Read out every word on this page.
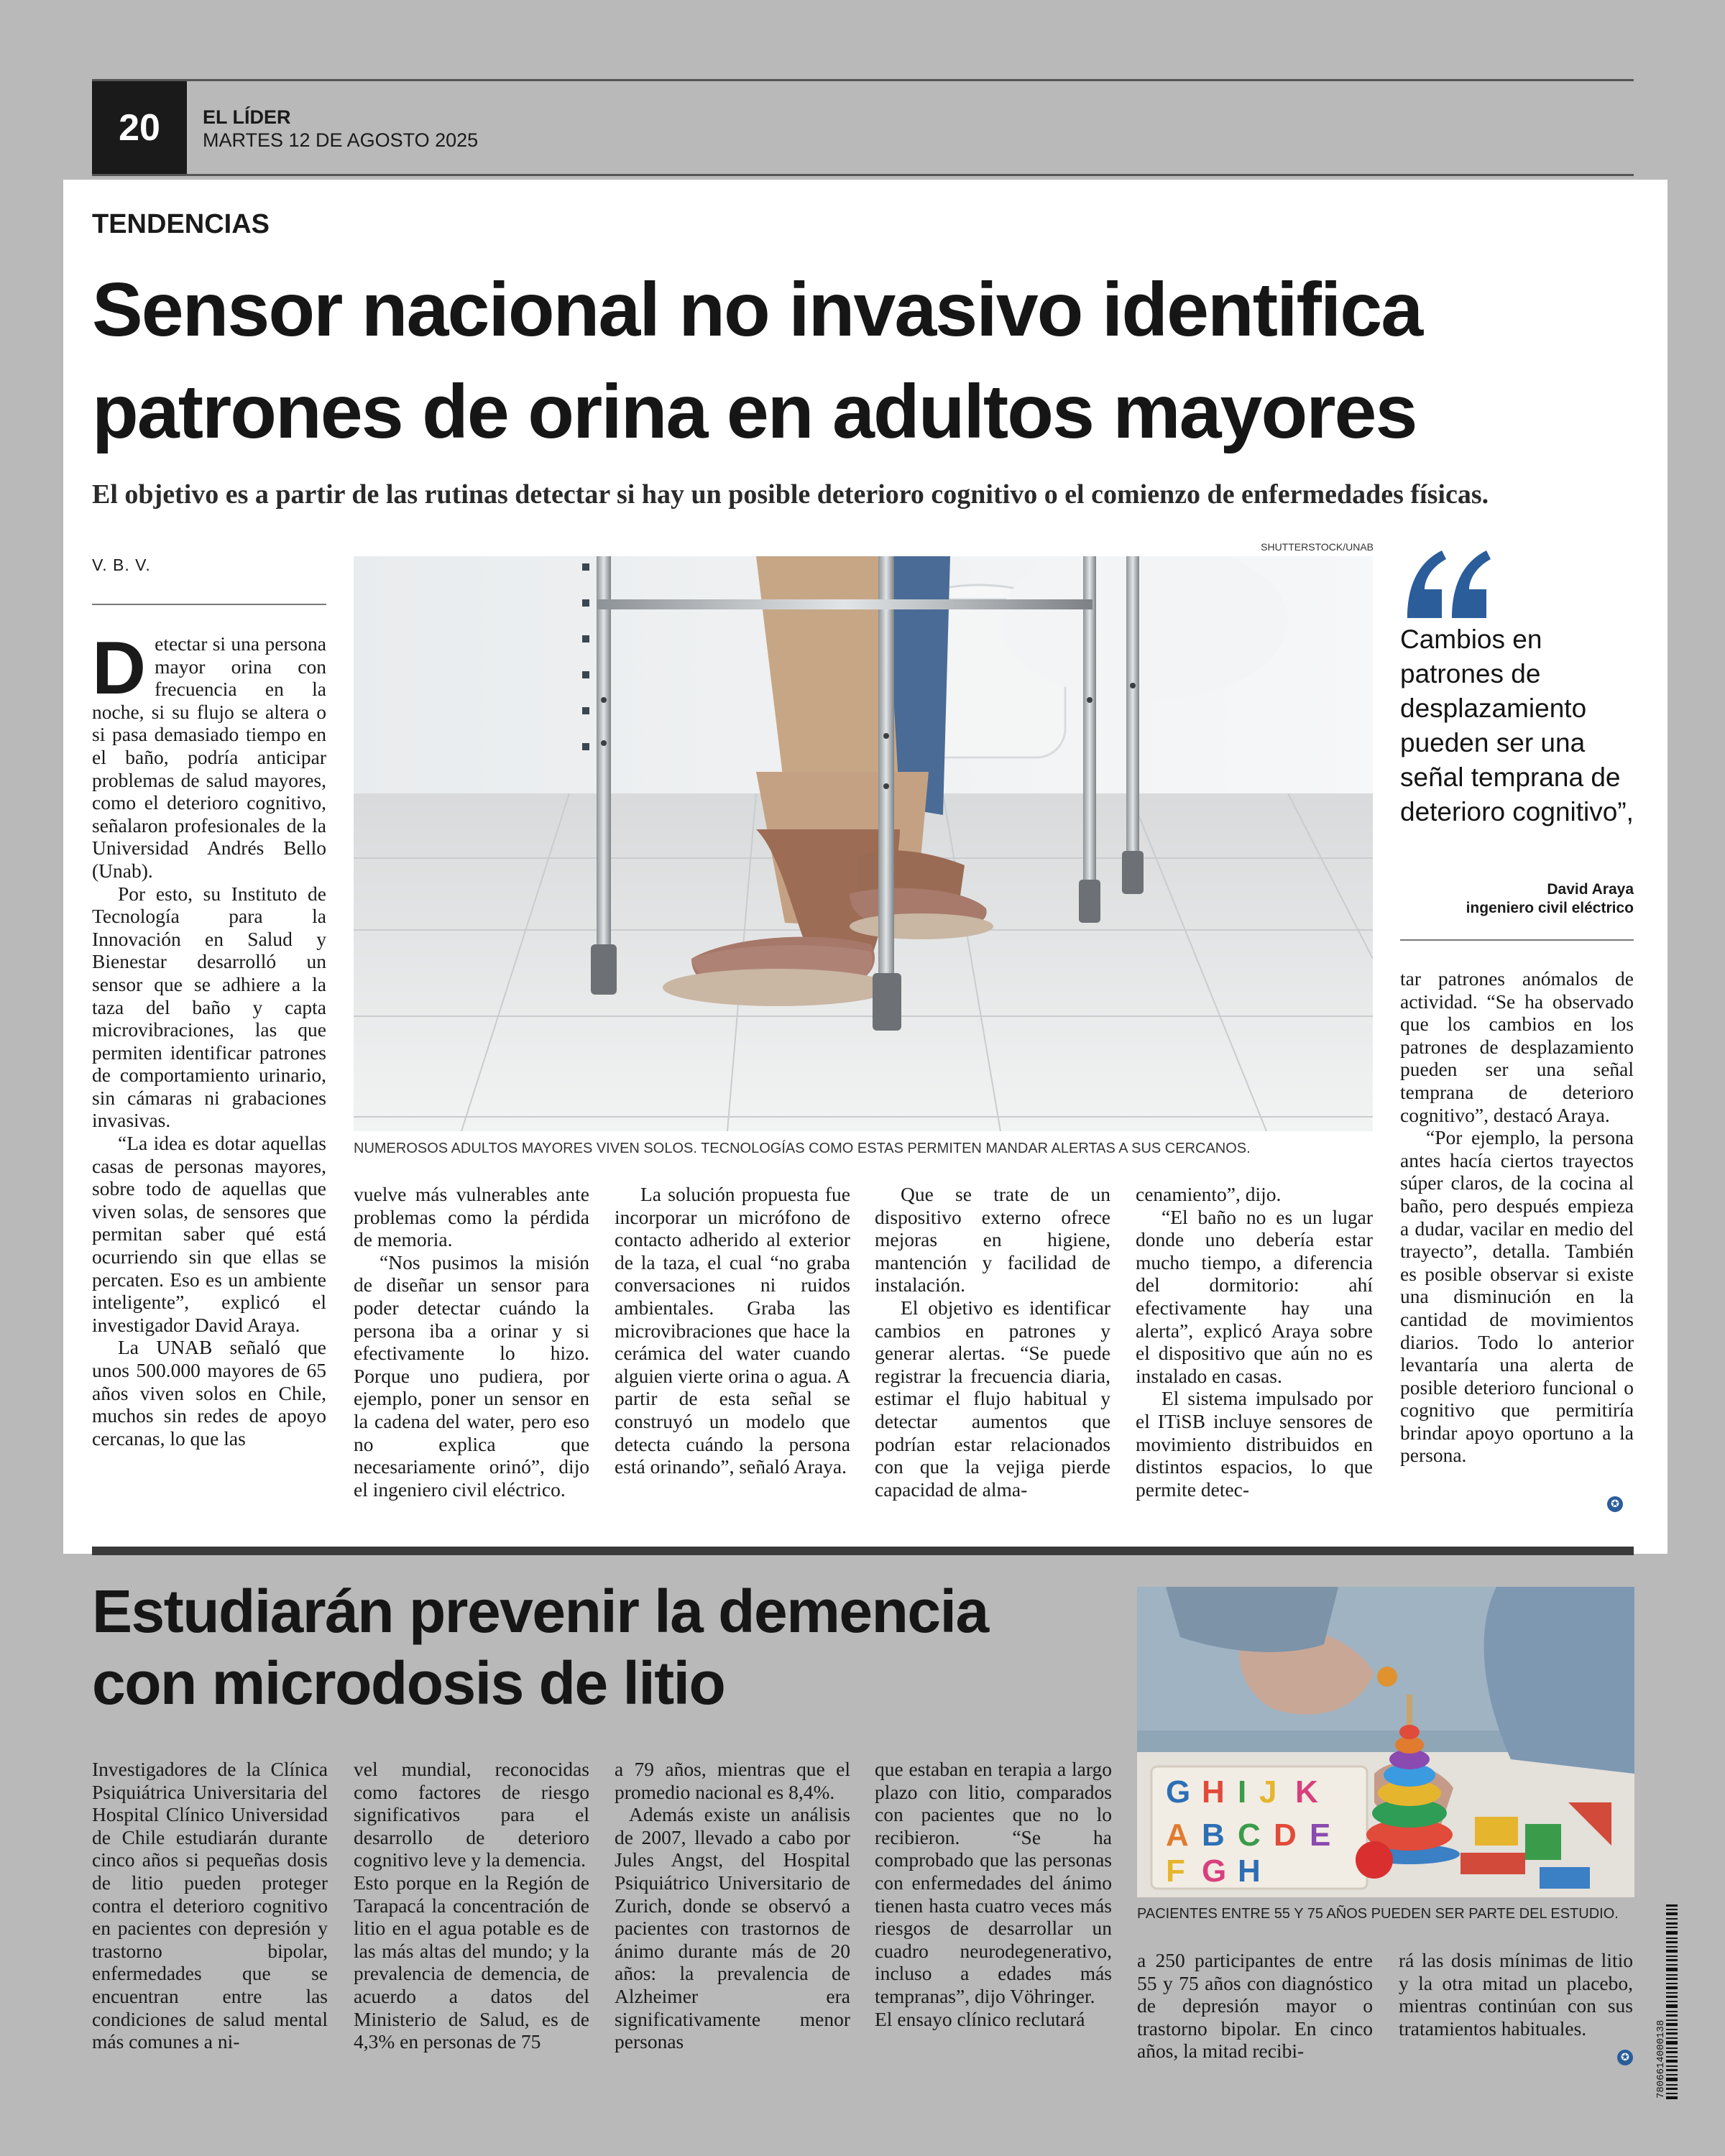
20	EL LÍDER
MARTES 12 DE AGOSTO 2025
TENDENCIAS
Sensor nacional no invasivo identifica
patrones de orina en adultos mayores
El objetivo es a partir de las rutinas detectar si hay un posible deterioro cognitivo o el comienzo de enfermedades físicas.
V. B. V.
SHUTTERSTOCK/UNAB
NUMEROSOS ADULTOS MAYORES VIVEN SOLOS. TECNOLOGÍAS COMO ESTAS PERMITEN MANDAR ALERTAS A SUS CERCANOS.

Detectar si una persona mayor orina con frecuencia en la noche, si su flujo se altera o si pasa demasiado tiempo en el baño, podría anticipar problemas de salud mayores, como el deterioro cognitivo, señalaron profesionales de la Universidad Andrés Bello (Unab).

Por esto, su Instituto de Tecnología para la Innovación en Salud y Bienestar desarrolló un sensor que se adhiere a la taza del baño y capta microvibraciones, las que permiten identificar patrones de comportamiento urinario, sin cámaras ni grabaciones invasivas.

“La idea es dotar aquellas casas de personas mayores, sobre todo de aquellas que viven solas, de sensores que permitan saber qué está ocurriendo sin que ellas se percaten. Eso es un ambiente inteligente”, explicó el investigador David Araya.

La UNAB señaló que unos 500.000 mayores de 65 años viven solos en Chile, muchos sin redes de apoyo cercanas, lo que las

vuelve más vulnerables ante problemas como la pérdida de memoria.

“Nos pusimos la misión de diseñar un sensor para poder detectar cuándo la persona iba a orinar y si efectivamente lo hizo. Porque uno pudiera, por ejemplo, poner un sensor en la cadena del water, pero eso no explica que necesariamente orinó”, dijo el ingeniero civil eléctrico.

La solución propuesta fue incorporar un micrófono de contacto adherido al exterior de la taza, el cual “no graba conversaciones ni ruidos ambientales. Graba las microvibraciones que hace la cerámica del water cuando alguien vierte orina o agua. A partir de esta señal se construyó un modelo que detecta cuándo la persona está orinando”, señaló Araya.

Que se trate de un dispositivo externo ofrece mejoras en higiene, mantención y facilidad de instalación.

El objetivo es identificar cambios en patrones y generar alertas. “Se puede registrar la frecuencia diaria, estimar el flujo habitual y detectar aumentos que podrían estar relacionados con que la vejiga pierde capacidad de alma-

cenamiento”, dijo.

“El baño no es un lugar donde uno debería estar mucho tiempo, a diferencia del dormitorio: ahí efectivamente hay una alerta”, explicó Araya sobre el dispositivo que aún no es instalado en casas.

El sistema impulsado por el ITiSB incluye sensores de movimiento distribuidos en distintos espacios, lo que permite detec-

tar patrones anómalos de actividad. “Se ha observado que los cambios en los patrones de desplazamiento pueden ser una señal temprana de deterioro cognitivo”, destacó Araya.

“Por ejemplo, la persona antes hacía ciertos trayectos súper claros, de la cocina al baño, pero después empieza a dudar, vacilar en medio del trayecto”, detalla. También es posible observar si existe una disminución en la cantidad de movimientos diarios. Todo lo anterior levantaría una alerta de posible deterioro funcional o cognitivo que permitiría brindar apoyo oportuno a la persona.

✪
Cambios en patrones de desplazamiento pueden ser una señal temprana de deterioro cognitivo”,
David Araya
ingeniero civil eléctrico
Estudiarán prevenir la demencia
con microdosis de litio
G H I J K
A B C D E
F G H
PACIENTES ENTRE 55 Y 75 AÑOS PUEDEN SER PARTE DEL ESTUDIO.

Investigadores de la Clínica Psiquiátrica Universitaria del Hospital Clínico Universidad de Chile estudiarán durante cinco años si pequeñas dosis de litio pueden proteger contra el deterioro cognitivo en pacientes con depresión y trastorno bipolar, enfermedades que se encuentran entre las condiciones de salud mental más comunes a ni-

vel mundial, reconocidas como factores de riesgo significativos para el desarrollo de deterioro cognitivo leve y la demencia.

Esto porque en la Región de Tarapacá la concentración de litio en el agua potable es de las más altas del mundo; y la prevalencia de demencia, de acuerdo a datos del Ministerio de Salud, es de 4,3% en personas de 75

a 79 años, mientras que el promedio nacional es 8,4%.

Además existe un análisis de 2007, llevado a cabo por Jules Angst, del Hospital Psiquiátrico Universitario de Zurich, donde se observó a pacientes con trastornos de ánimo durante más de 20 años: la prevalencia de Alzheimer era significativamente menor personas

que estaban en terapia a largo plazo con litio, comparados con pacientes que no lo recibieron. “Se ha comprobado que las personas con enfermedades del ánimo tienen hasta cuatro veces más riesgos de desarrollar un cuadro neurodegenerativo, incluso a edades más tempranas”, dijo Vöhringer.

El ensayo clínico reclutará

a 250 participantes de entre 55 y 75 años con diagnóstico de depresión mayor o trastorno bipolar. En cinco años, la mitad recibi-

rá las dosis mínimas de litio y la otra mitad un placebo, mientras continúan con sus tratamientos habituales.

✪	7806614000138
